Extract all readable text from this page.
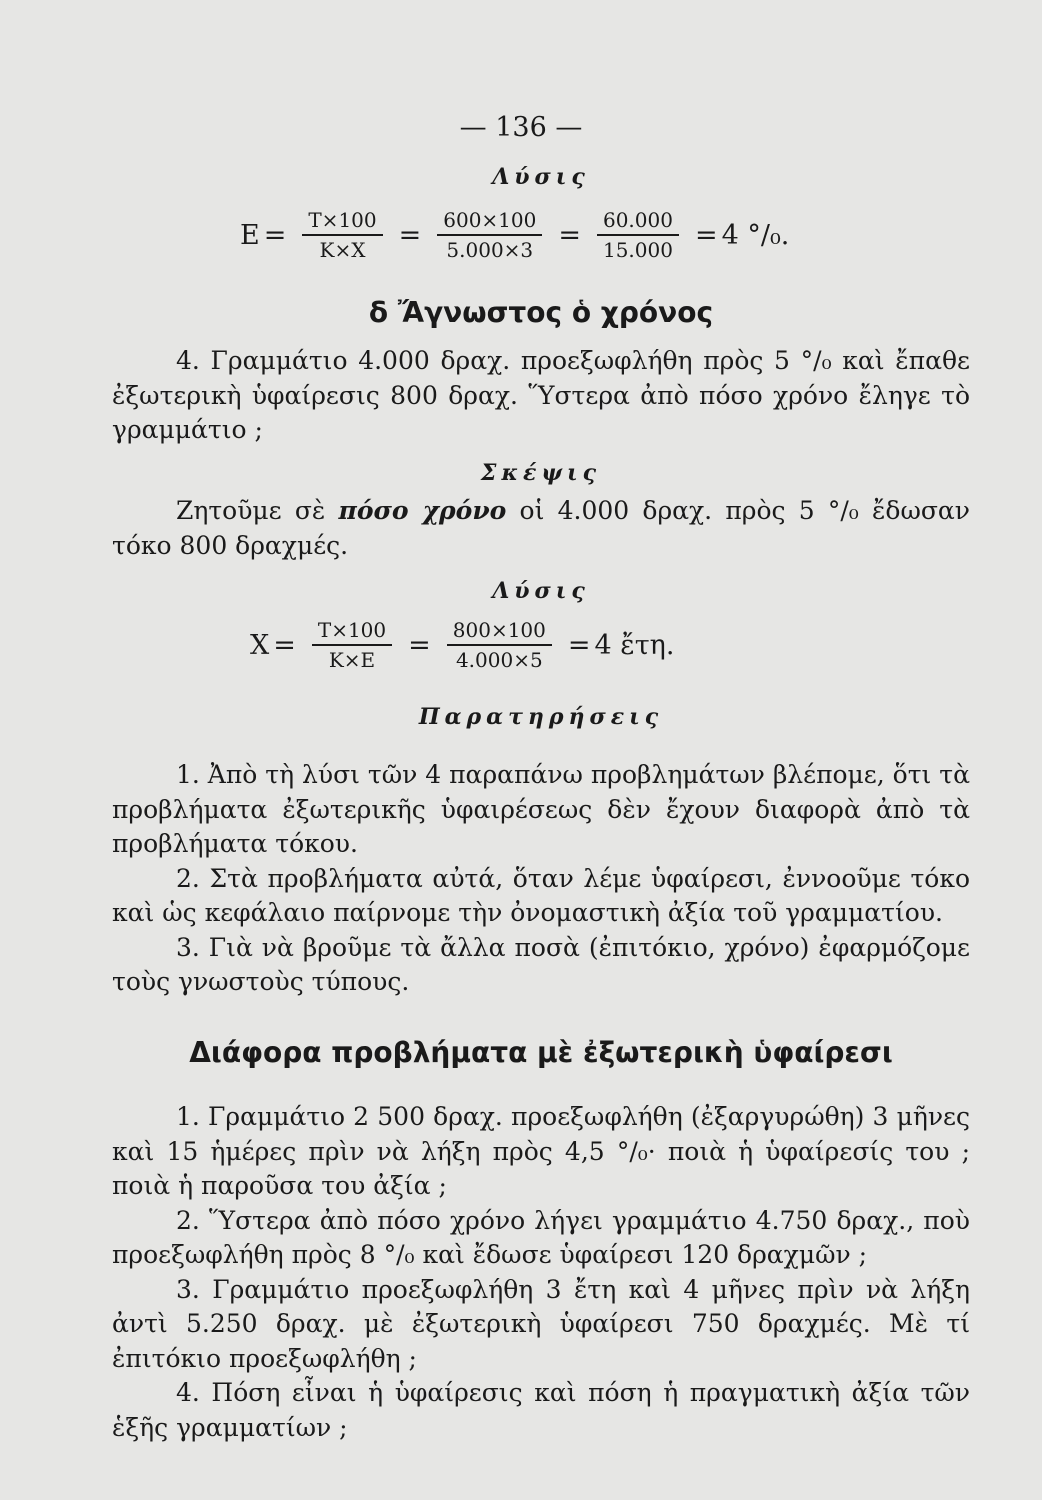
— 136 —
Λύσις
$E = \frac{T\times 100}{K\times X} = \frac{600\times 100}{5.000\times 3} = \frac{60.000}{15.000} = 4$ °/₀.
δ Ἄγνωστος ὁ χρόνος

4. Γραμμάτιο 4.000 δραχ. προεξωφλήθη πρὸς 5 °/₀ καὶ ἔπαθε ἐξωτερικὴ ὑφαίρεσις 800 δραχ. Ὕστερα ἀπὸ πόσο χρόνο ἔληγε τὸ γραμμάτιο ;

Σκέψις

Ζητοῦμε σὲ πόσο χρόνο οἱ 4.000 δραχ. πρὸς 5 °/₀ ἔδωσαν τόκο 800 δραχμές.

Λύσις
$X = \frac{T\times 100}{K\times E} = \frac{800\times 100}{4.000\times 5} = 4$ ἔτη.
Παρατηρήσεις

1. Ἀπὸ τὴ λύσι τῶν 4 παραπάνω προβλημάτων βλέπομε, ὅτι τὰ προβλήματα ἐξωτερικῆς ὑφαιρέσεως δὲν ἔχουν διαφορὰ ἀπὸ τὰ προβλήματα τόκου.

2. Στὰ προβλήματα αὐτά, ὅταν λέμε ὑφαίρεσι, ἐννοοῦμε τόκο καὶ ὡς κεφάλαιο παίρνομε τὴν ὀνομαστικὴ ἀξία τοῦ γραμματίου.

3. Γιὰ νὰ βροῦμε τὰ ἄλλα ποσὰ (ἐπιτόκιο, χρόνο) ἐφαρμόζομε τοὺς γνωστοὺς τύπους.

Διάφορα προβλήματα μὲ ἐξωτερικὴ ὑφαίρεσι

1. Γραμμάτιο 2 500 δραχ. προεξωφλήθη (ἐξαργυρώθη) 3 μῆνες καὶ 15 ἡμέρες πρὶν νὰ λήξη πρὸς 4,5 °/₀· ποιὰ ἡ ὑφαίρεσίς του ; ποιὰ ἡ παροῦσα του ἀξία ;

2. Ὕστερα ἀπὸ πόσο χρόνο λήγει γραμμάτιο 4.750 δραχ., ποὺ προεξωφλήθη πρὸς 8 °/₀ καὶ ἔδωσε ὑφαίρεσι 120 δραχμῶν ;

3. Γραμμάτιο προεξωφλήθη 3 ἔτη καὶ 4 μῆνες πρὶν νὰ λήξη ἀντὶ 5.250 δραχ. μὲ ἐξωτερικὴ ὑφαίρεσι 750 δραχμές. Μὲ τί ἐπιτόκιο προεξωφλήθη ;

4. Πόση εἶναι ἡ ὑφαίρεσις καὶ πόση ἡ πραγματικὴ ἀξία τῶν ἑξῆς γραμματίων ;
